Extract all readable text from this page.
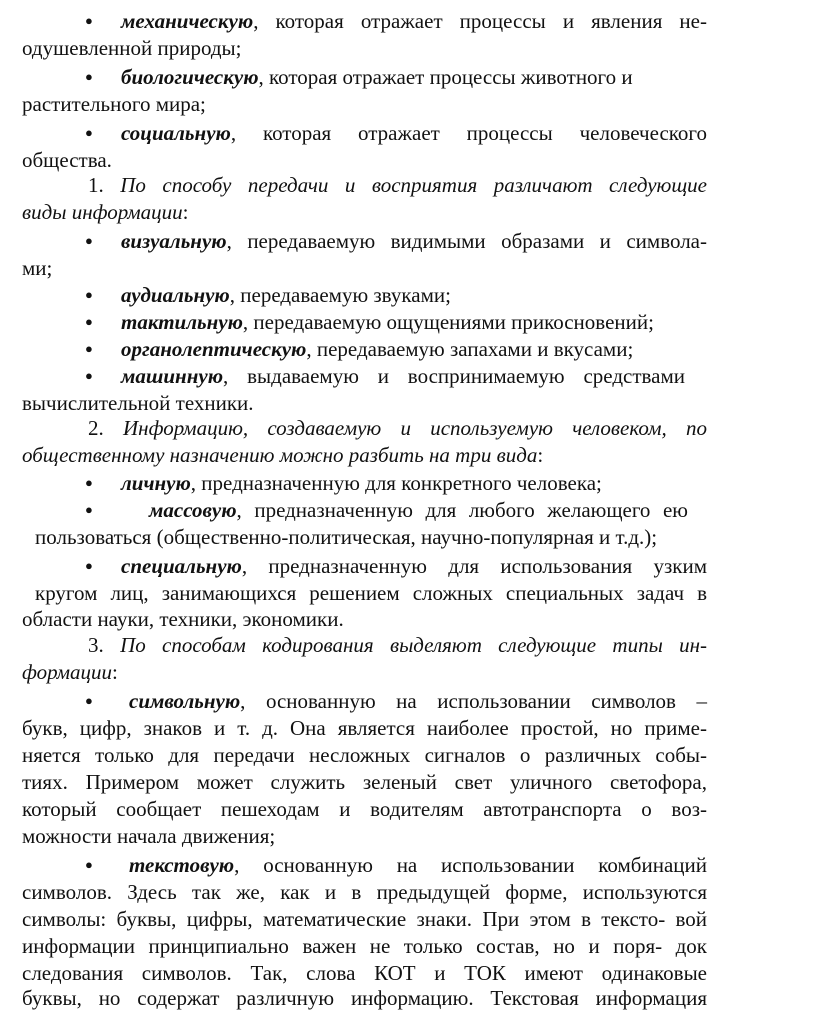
● механическую, которая отражает процессы и явления не-
одушевленной природы;
● биологическую, которая отражает процессы животного и
растительного мира;
● социальную, которая отражает процессы человеческого
общества.
1. По способу передачи и восприятия различают следующие
виды информации:
● визуальную, передаваемую видимыми образами и символа-
ми;
● аудиальную, передаваемую звуками;
● тактильную, передаваемую ощущениями прикосновений;
● органолептическую, передаваемую запахами и вкусами;
● машинную, выдаваемую и воспринимаемую средствами
вычислительной техники.
2. Информацию, создаваемую и используемую человеком, по
общественному назначению можно разбить на три вида:
● личную, предназначенную для конкретного человека;
●	массовую, предназначенную для любого желающего ею
пользоваться (общественно-политическая, научно-популярная и т.д.);
● специальную, предназначенную для использования узким
кругом лиц, занимающихся решением сложных специальных задач в
области науки, техники, экономики.
3. По способам кодирования выделяют следующие типы ин-
формации:
● символьную, основанную на использовании символов –
букв, цифр, знаков и т. д. Она является наиболее простой, но приме-
няется только для передачи несложных сигналов о различных собы-
тиях. Примером может служить зеленый свет уличного светофора,
который сообщает пешеходам и водителям автотранспорта о воз-
можности начала движения;
● текстовую, основанную на использовании комбинаций
символов. Здесь так же, как и в предыдущей форме, используются
символы: буквы, цифры, математические знаки. При этом в тексто- вой
информации принципиально важен не только состав, но и поря- док
следования символов. Так, слова КОТ и ТОК имеют одинаковые
буквы, но содержат различную информацию. Текстовая информация
